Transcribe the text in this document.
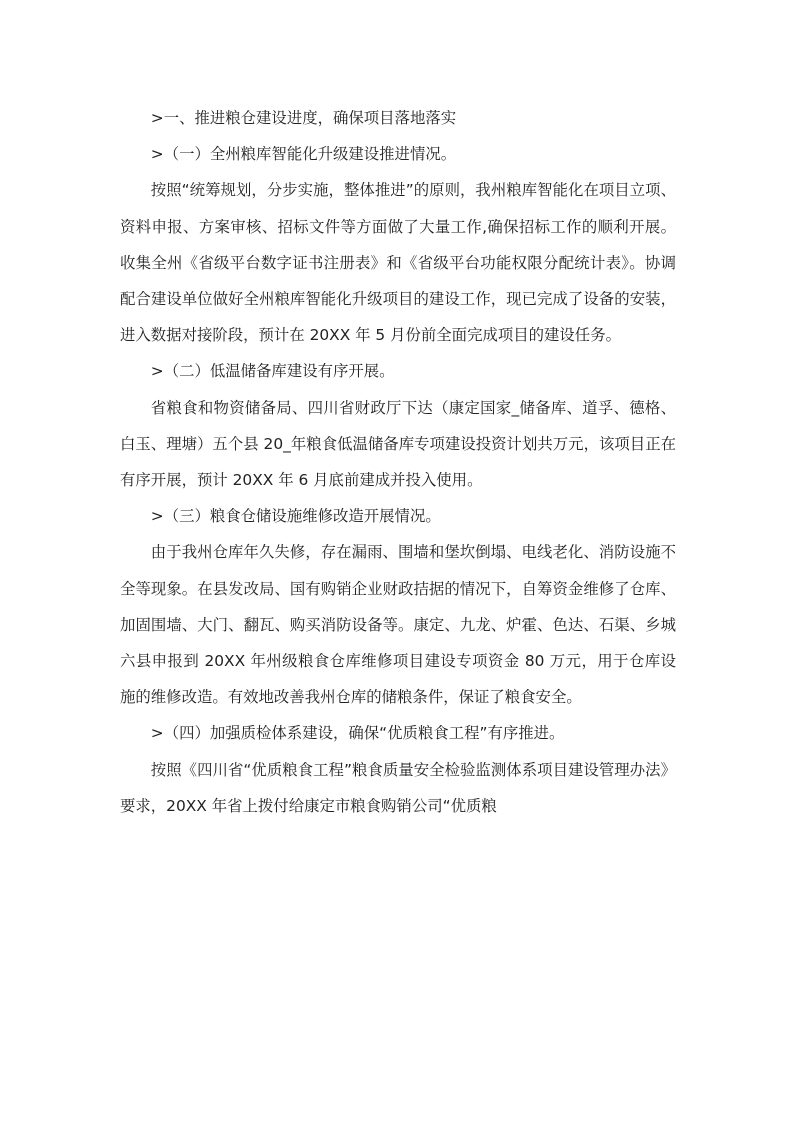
>一、推进粮仓建设进度，确保项目落地落实

>（一）全州粮库智能化升级建设推进情况。

按照“统筹规划，分步实施，整体推进”的原则，我州粮库智能化在项目立项、资料申报、方案审核、招标文件等方面做了大量工作,确保招标工作的顺利开展。收集全州《省级平台数字证书注册表》和《省级平台功能权限分配统计表》。协调配合建设单位做好全州粮库智能化升级项目的建设工作，现已完成了设备的安装，进入数据对接阶段，预计在 20XX 年 5 月份前全面完成项目的建设任务。

>（二）低温储备库建设有序开展。

省粮食和物资储备局、四川省财政厅下达（康定国家_储备库、道孚、德格、白玉、理塘）五个县 20_年粮食低温储备库专项建设投资计划共万元，该项目正在有序开展，预计 20XX 年 6 月底前建成并投入使用。

>（三）粮食仓储设施维修改造开展情况。

由于我州仓库年久失修，存在漏雨、围墙和堡坎倒塌、电线老化、消防设施不全等现象。在县发改局、国有购销企业财政拮据的情况下，自筹资金维修了仓库、加固围墙、大门、翻瓦、购买消防设备等。康定、九龙、炉霍、色达、石渠、乡城六县申报到 20XX 年州级粮食仓库维修项目建设专项资金 80 万元，用于仓库设施的维修改造。有效地改善我州仓库的储粮条件，保证了粮食安全。

>（四）加强质检体系建设，确保“优质粮食工程”有序推进。

按照《四川省“优质粮食工程”粮食质量安全检验监测体系项目建设管理办法》要求，20XX 年省上拨付给康定市粮食购销公司“优质粮
